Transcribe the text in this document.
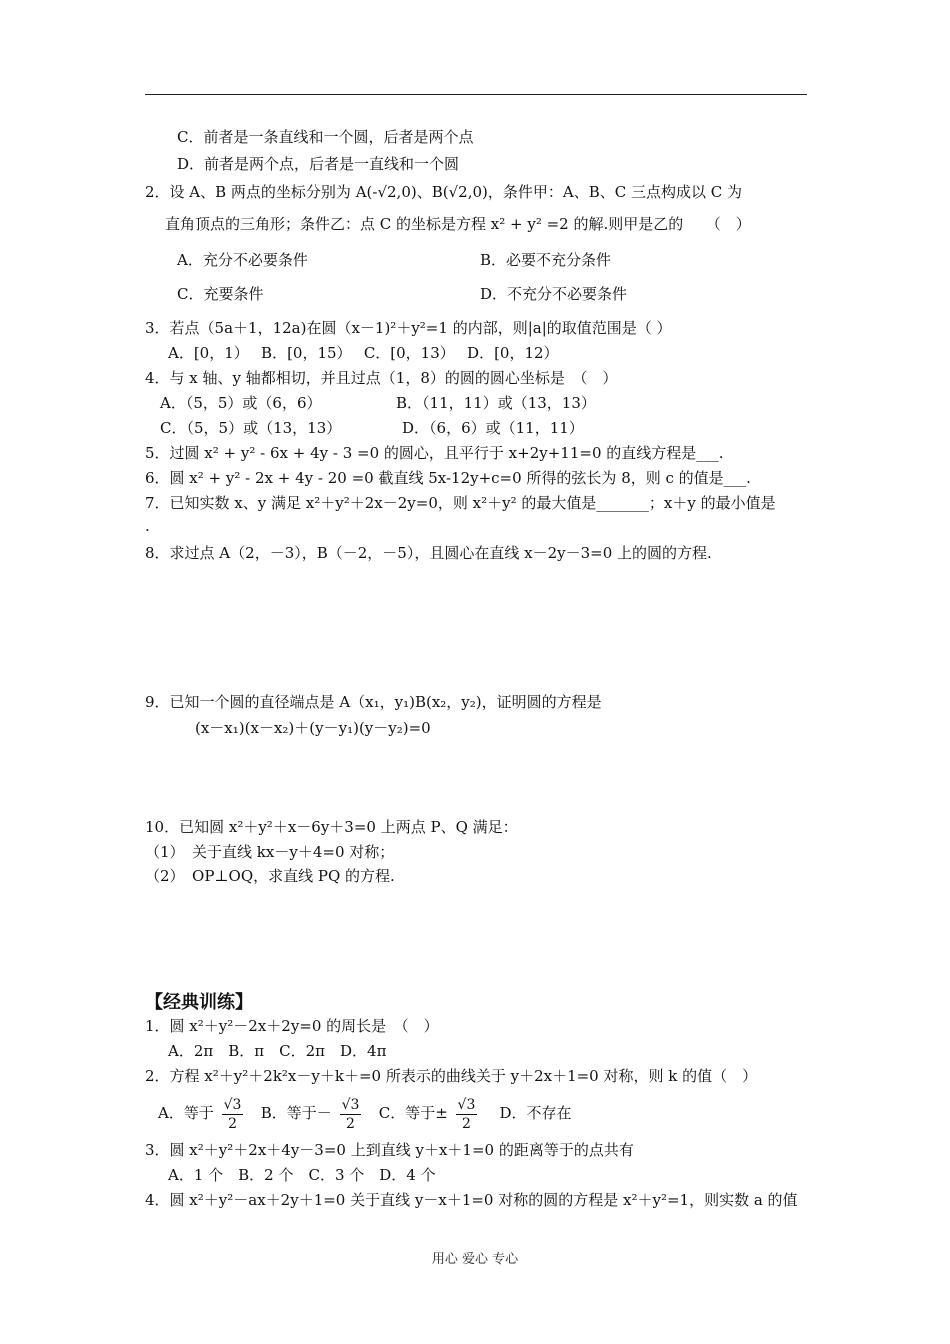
C．前者是一条直线和一个圆，后者是两个点
D．前者是两个点，后者是一直线和一个圆
2．设 A、B 两点的坐标分别为 A(-√2,0)、B(√2,0)，条件甲：A、B、C 三点构成以 C 为
直角顶点的三角形；条件乙：点 C 的坐标是方程 x² + y² =2 的解.则甲是乙的　　（　）
A．充分不必要条件	B．必要不充分条件
C．充要条件	D．不充分不必要条件
3．若点（5a＋1，12a)在圆（x－1)²＋y²=1 的内部，则|a|的取值范围是（ ）
A．[0，1）　 B．[0，15）　 C．[0，13）　 D．[0，12）
4．与 x 轴、y 轴都相切，并且过点（1，8）的圆的圆心坐标是　（　）
A．（5，5）或（6，6）	B．（11，11）或（13，13）
C．（5，5）或（13，13）	D．（6，6）或（11，11）
5．过圆 x² + y² - 6x + 4y - 3 =0 的圆心，且平行于 x+2y+11=0 的直线方程是___.
6．圆 x² + y² - 2x + 4y - 20 =0 截直线 5x-12y+c=0 所得的弦长为 8，则 c 的值是___.
7．已知实数 x、y 满足 x²＋y²＋2x－2y=0，则 x²＋y² 的最大值是_______；x＋y 的最小值是
.
8．求过点 A（2，－3），B（－2，－5），且圆心在直线 x－2y－3=0 上的圆的方程.
9．已知一个圆的直径端点是 A（x₁，y₁)B(x₂，y₂)，证明圆的方程是
(x－x₁)(x－x₂)＋(y－y₁)(y－y₂)=0
10．已知圆 x²＋y²＋x－6y＋3=0 上两点 P、Q 满足：
（1）　关于直线 kx－y＋4=0 对称；
（2）　OP⊥OQ，求直线 PQ 的方程.
【经典训练】
1．圆 x²＋y²－2x＋2y=0 的周长是　（　）
A．2π　B．π　C．2π　D．4π
2．方程 x²＋y²＋2k²x－y＋k＋=0 所表示的曲线关于 y＋2x＋1=0 对称，则 k 的值（　）
A．等于 $\frac{√3}{2}$ B．等于－ $\frac{√3}{2}$ C．等于± $\frac{√3}{2}$ D．不存在
3．圆 x²＋y²＋2x＋4y－3=0 上到直线 y＋x＋1=0 的距离等于的点共有
A．1 个　B．2 个　C．3 个　D．4 个
4．圆 x²＋y²－ax＋2y＋1=0 关于直线 y－x＋1=0 对称的圆的方程是 x²＋y²=1，则实数 a 的值
用心 爱心 专心
